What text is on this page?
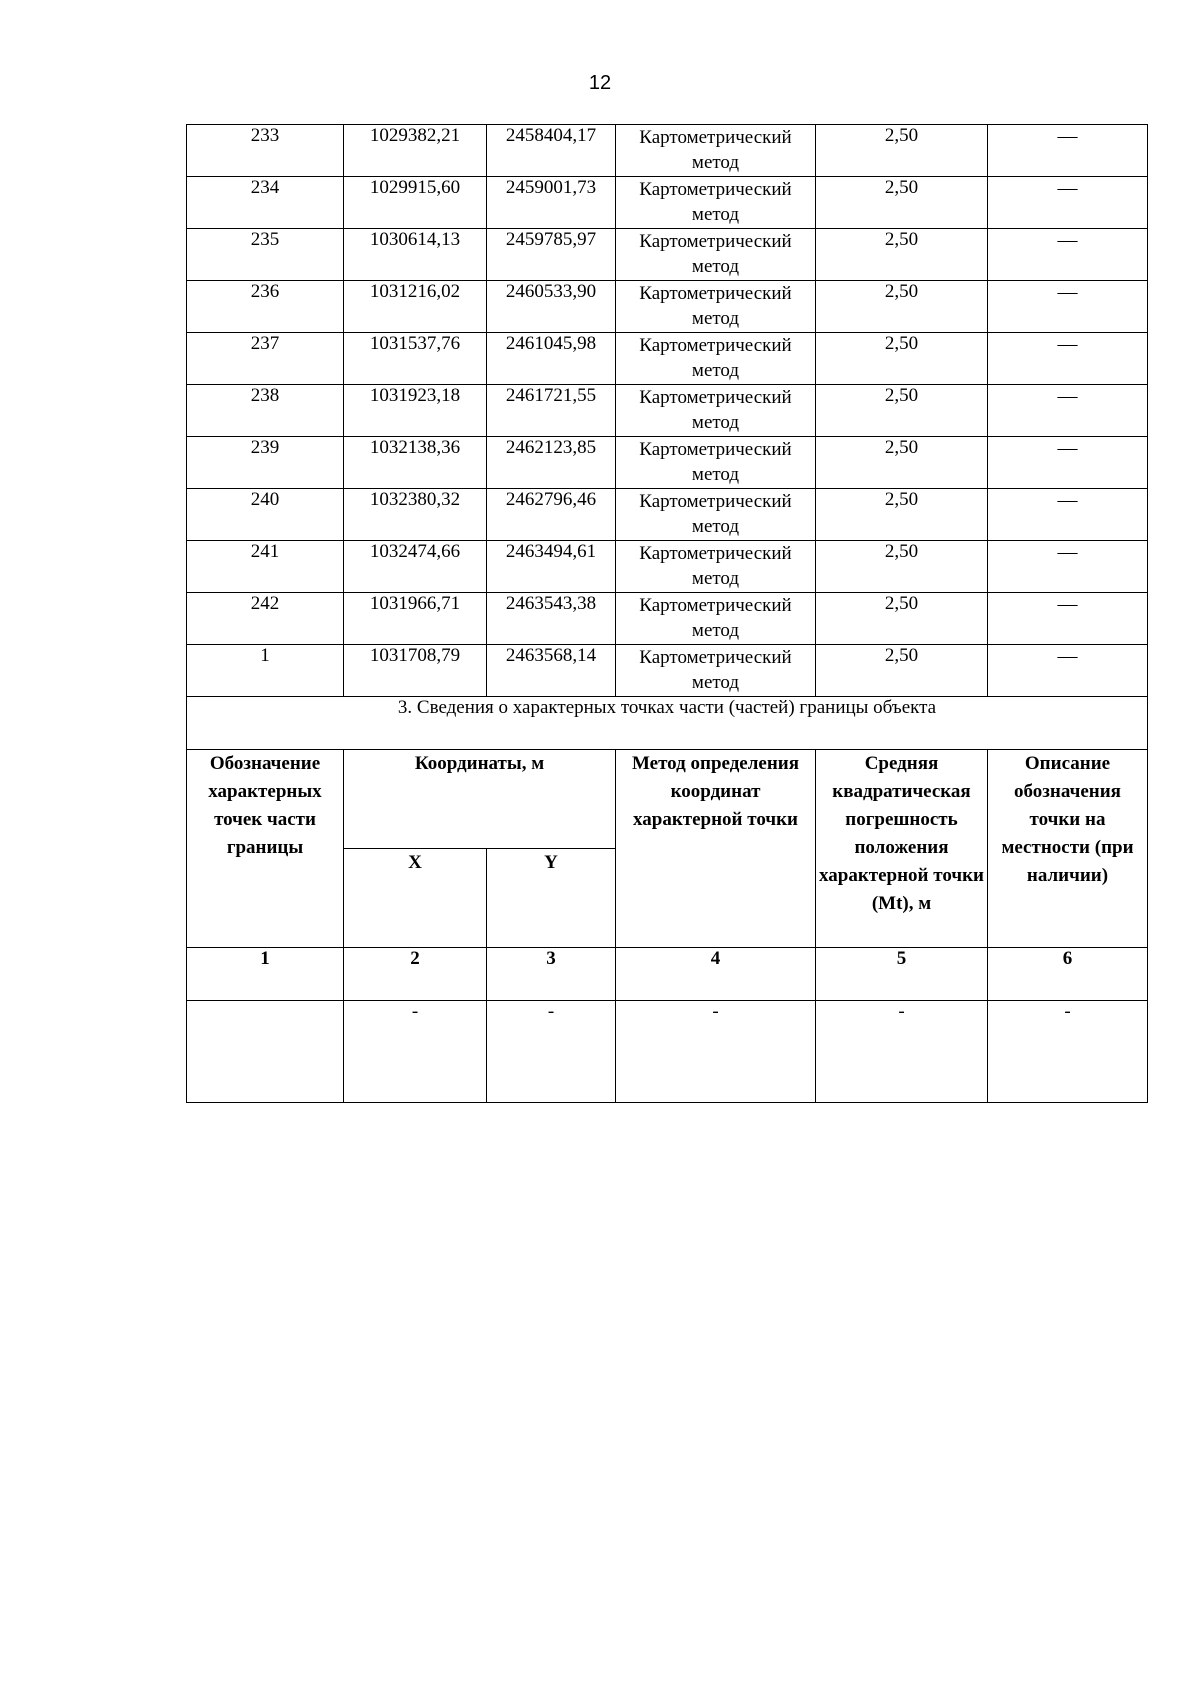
12
233	1029382,21	2458404,17	Картометрический метод	2,50	—
234	1029915,60	2459001,73	Картометрический метод	2,50	—
235	1030614,13	2459785,97	Картометрический метод	2,50	—
236	1031216,02	2460533,90	Картометрический метод	2,50	—
237	1031537,76	2461045,98	Картометрический метод	2,50	—
238	1031923,18	2461721,55	Картометрический метод	2,50	—
239	1032138,36	2462123,85	Картометрический метод	2,50	—
240	1032380,32	2462796,46	Картометрический метод	2,50	—
241	1032474,66	2463494,61	Картометрический метод	2,50	—
242	1031966,71	2463543,38	Картометрический метод	2,50	—
1	1031708,79	2463568,14	Картометрический метод	2,50	—
3. Сведения о характерных точках части (частей) границы объекта					
Обозначение характерных точек части границы	Координаты, м		Метод определения координат характерной точки	Средняя квадратическая погрешность положения характерной точки (Mt), м	Описание обозначения точки на местности (при наличии)
	X	Y			
1	2	3	4	5	6
	-	-	-	-	-
